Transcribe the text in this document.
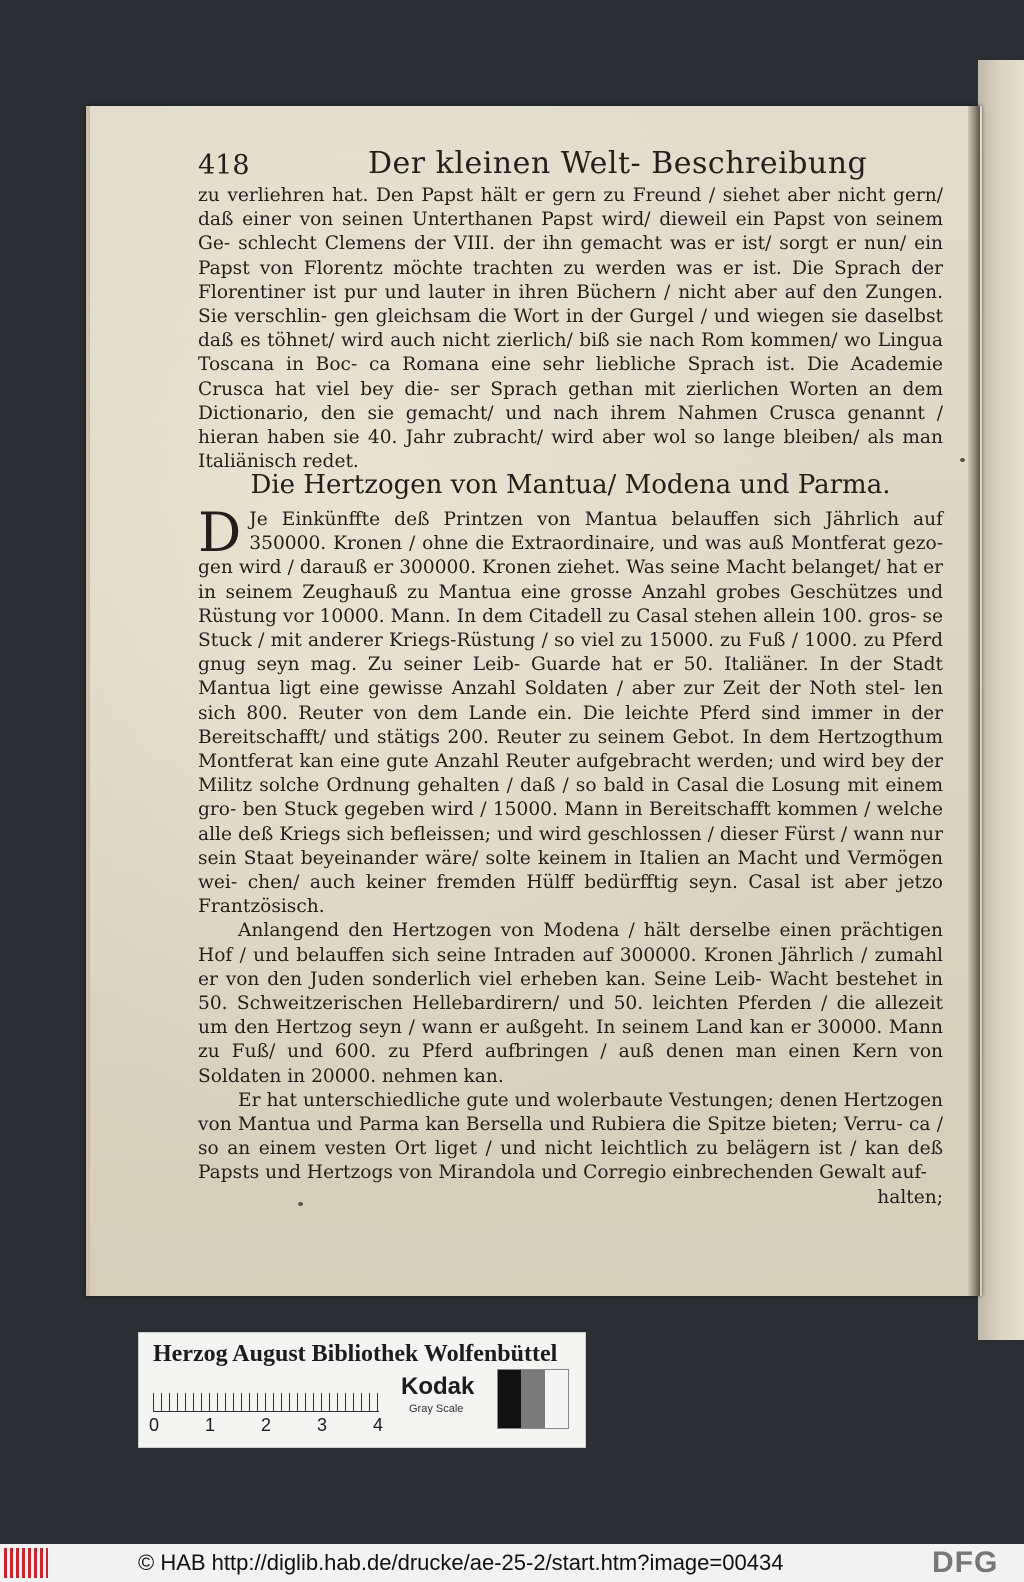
418	Der kleinen Welt- Beschreibung

zu verliehren hat. Den Papst hält er gern zu Freund / siehet aber nicht gern/ daß einer von seinen Unterthanen Papst wird/ dieweil ein Papst von seinem Ge- schlecht Clemens der VIII. der ihn gemacht was er ist/ sorgt er nun/ ein Papst von Florentz möchte trachten zu werden was er ist. Die Sprach der Florentiner ist pur und lauter in ihren Büchern / nicht aber auf den Zungen. Sie verschlin- gen gleichsam die Wort in der Gurgel / und wiegen sie daselbst daß es töhnet/ wird auch nicht zierlich/ biß sie nach Rom kommen/ wo Lingua Toscana in Boc- ca Romana eine sehr liebliche Sprach ist. Die Academie Crusca hat viel bey die- ser Sprach gethan mit zierlichen Worten an dem Dictionario, den sie gemacht/ und nach ihrem Nahmen Crusca genannt / hieran haben sie 40. Jahr zubracht/ wird aber wol so lange bleiben/ als man Italiänisch redet.

Die Hertzogen von Mantua/ Modena und Parma.

D Je Einkünffte deß Printzen von Mantua belauffen sich Jährlich auf 350000. Kronen / ohne die Extraordinaire, und was auß Montferat gezo- gen wird / darauß er 300000. Kronen ziehet. Was seine Macht belanget/ hat er in seinem Zeughauß zu Mantua eine grosse Anzahl grobes Geschützes und Rüstung vor 10000. Mann. In dem Citadell zu Casal stehen allein 100. gros- se Stuck / mit anderer Kriegs-Rüstung / so viel zu 15000. zu Fuß / 1000. zu Pferd gnug seyn mag. Zu seiner Leib- Guarde hat er 50. Italiäner. In der Stadt Mantua ligt eine gewisse Anzahl Soldaten / aber zur Zeit der Noth stel- len sich 800. Reuter von dem Lande ein. Die leichte Pferd sind immer in der Bereitschafft/ und stätigs 200. Reuter zu seinem Gebot. In dem Hertzogthum Montferat kan eine gute Anzahl Reuter aufgebracht werden; und wird bey der Militz solche Ordnung gehalten / daß / so bald in Casal die Losung mit einem gro- ben Stuck gegeben wird / 15000. Mann in Bereitschafft kommen / welche alle deß Kriegs sich befleissen; und wird geschlossen / dieser Fürst / wann nur sein Staat beyeinander wäre/ solte keinem in Italien an Macht und Vermögen wei- chen/ auch keiner fremden Hülff bedürfftig seyn. Casal ist aber jetzo Frantzösisch.

Anlangend den Hertzogen von Modena / hält derselbe einen prächtigen Hof / und belauffen sich seine Intraden auf 300000. Kronen Jährlich / zumahl er von den Juden sonderlich viel erheben kan. Seine Leib- Wacht bestehet in 50. Schweitzerischen Hellebardirern/ und 50. leichten Pferden / die allezeit um den Hertzog seyn / wann er außgeht. In seinem Land kan er 30000. Mann zu Fuß/ und 600. zu Pferd aufbringen / auß denen man einen Kern von Soldaten in 20000. nehmen kan.

Er hat unterschiedliche gute und wolerbaute Vestungen; denen Hertzogen von Mantua und Parma kan Bersella und Rubiera die Spitze bieten; Verru- ca / so an einem vesten Ort liget / und nicht leichtlich zu belägern ist / kan deß Papsts und Hertzogs von Mirandola und Corregio einbrechenden Gewalt auf-

halten;

Herzog August Bibliothek Wolfenbüttel
0	1	2	3	4
Kodak
Gray Scale
© HAB http://diglib.hab.de/drucke/ae-25-2/start.htm?image=00434	DFG
